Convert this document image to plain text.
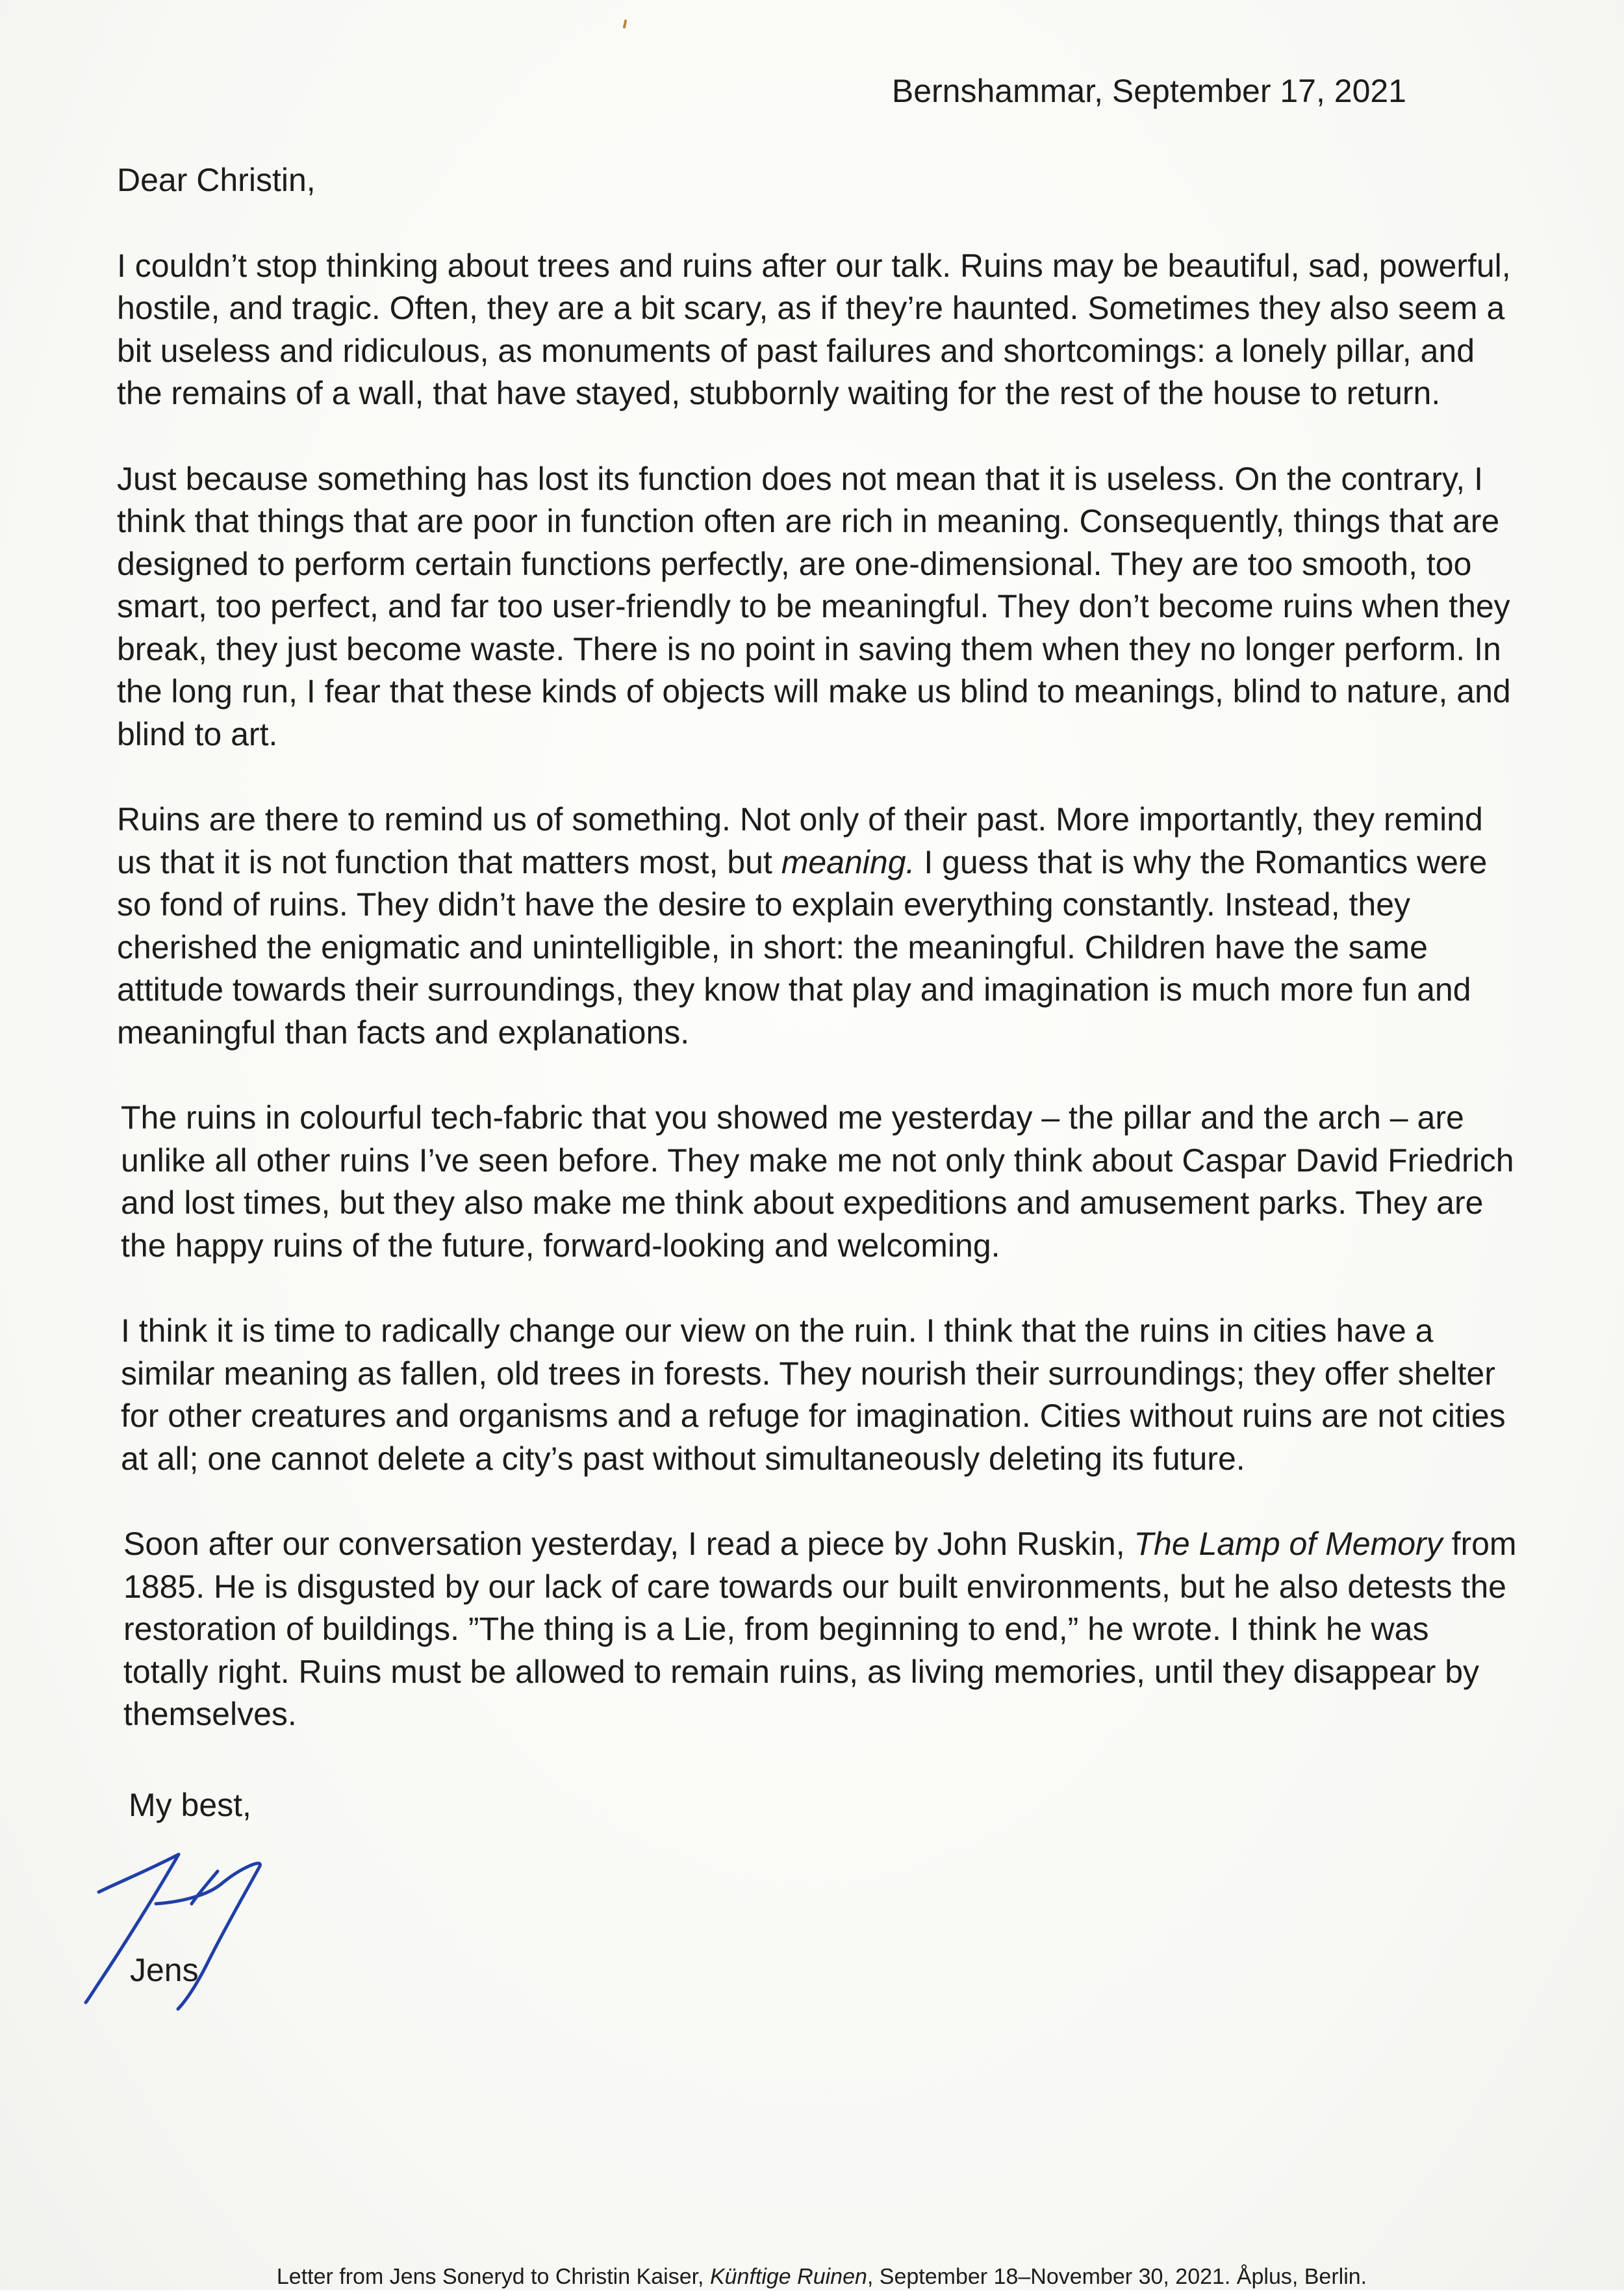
Bernshammar, September 17, 2021
Dear Christin,
I couldn’t stop thinking about trees and ruins after our talk. Ruins may be beautiful, sad, powerful, hostile, and tragic. Often, they are a bit scary, as if they’re haunted. Sometimes they also seem a bit useless and ridiculous, as monuments of past failures and shortcomings: a lonely pillar, and the remains of a wall, that have stayed, stubbornly waiting for the rest of the house to return.
Just because something has lost its function does not mean that it is useless. On the contrary, I think that things that are poor in function often are rich in meaning. Consequently, things that are designed to perform certain functions perfectly, are one-dimensional. They are too smooth, too smart, too perfect, and far too user-friendly to be meaningful. They don’t become ruins when they break, they just become waste. There is no point in saving them when they no longer perform. In the long run, I fear that these kinds of objects will make us blind to meanings, blind to nature, and blind to art.
Ruins are there to remind us of something. Not only of their past. More importantly, they remind us that it is not function that matters most, but meaning. I guess that is why the Romantics were so fond of ruins. They didn’t have the desire to explain everything constantly. Instead, they cherished the enigmatic and unintelligible, in short: the meaningful. Children have the same attitude towards their surroundings, they know that play and imagination is much more fun and meaningful than facts and explanations.
The ruins in colourful tech-fabric that you showed me yesterday – the pillar and the arch – are unlike all other ruins I’ve seen before. They make me not only think about Caspar David Friedrich and lost times, but they also make me think about expeditions and amusement parks. They are the happy ruins of the future, forward-looking and welcoming.
I think it is time to radically change our view on the ruin. I think that the ruins in cities have a similar meaning as fallen, old trees in forests. They nourish their surroundings; they offer shelter for other creatures and organisms and a refuge for imagination. Cities without ruins are not cities at all; one cannot delete a city’s past without simultaneously deleting its future.
Soon after our conversation yesterday, I read a piece by John Ruskin, The Lamp of Memory from 1885. He is disgusted by our lack of care towards our built environments, but he also detests the restoration of buildings. ”The thing is a Lie, from beginning to end,” he wrote. I think he was totally right. Ruins must be allowed to remain ruins, as living memories, until they disappear by themselves.
My best,
Jens
Letter from Jens Soneryd to Christin Kaiser, Künftige Ruinen, September 18–November 30, 2021. Åplus, Berlin.
